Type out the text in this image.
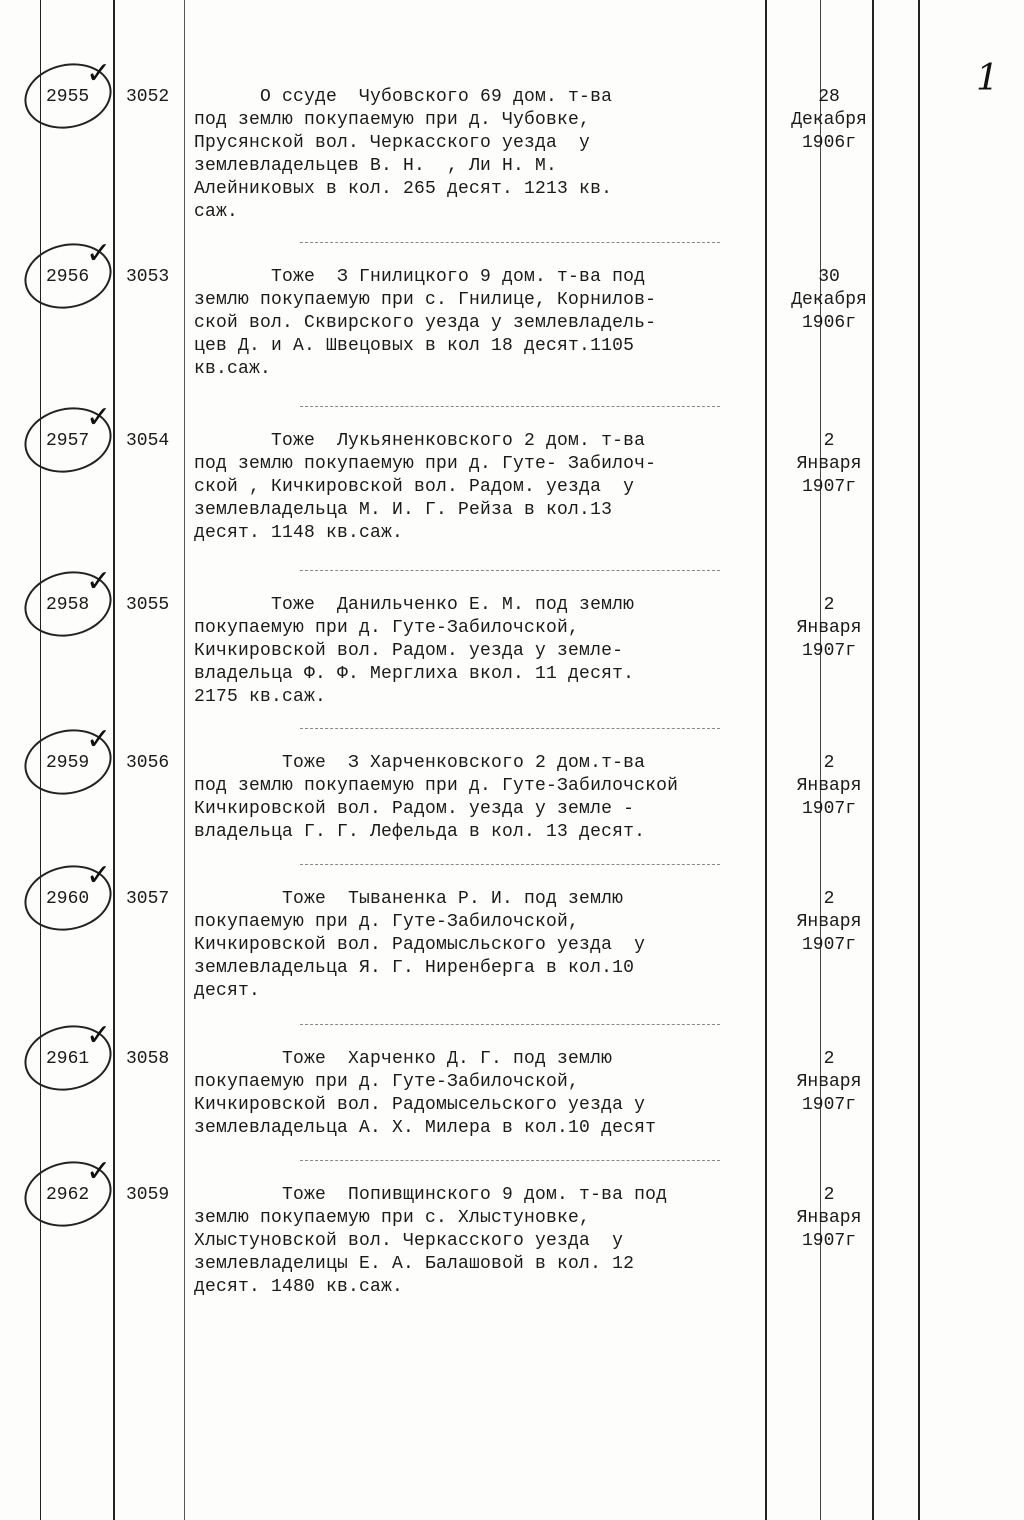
1
✓
2955 3052 О ссуде  Чубовского 69 дом. т-ва
под землю покупаемую при д. Чубовке,
Прусянской вол. Черкасского уезда  у
землевладельцев В. Н.  , Ли Н. М.
Алейниковых в кол. 265 десят. 1213 кв.
саж.
28
Декабря
1906г
✓
2956 3053 Тоже  З Гнилицкого 9 дом. т-ва под
землю покупаемую при с. Гнилице, Корнилов-
ской вол. Сквирского уезда у землевладель-
цев Д. и А. Швецовых в кол 18 десят.1105
кв.саж.
30
Декабря
1906г
✓
2957 3054 Тоже  Лукьяненковского 2 дом. т-ва
под землю покупаемую при д. Гуте- Забилоч-
ской , Кичкировской вол. Радом. уезда  у
землевладельца М. И. Г. Рейза в кол.13
десят. 1148 кв.саж.
2
Января
1907г
✓
2958 3055 Тоже  Данильченко Е. М. под землю
покупаемую при д. Гуте-Забилочской,
Кичкировской вол. Радом. уезда у земле-
владельца Ф. Ф. Мерглиха вкол. 11 десят.
2175 кв.саж.
2
Января
1907г
✓
2959 3056 Тоже  З Харченковского 2 дом.т-ва
под землю покупаемую при д. Гуте-Забилочской
Кичкировской вол. Радом. уезда у земле -
владельца Г. Г. Лефельда в кол. 13 десят.
2
Января
1907г
✓
2960 3057 Тоже  Тываненка Р. И. под землю
покупаемую при д. Гуте-Забилочской,
Кичкировской вол. Радомысльского уезда  у
землевладельца Я. Г. Ниренберга в кол.10
десят.
2
Января
1907г
✓
2961 3058 Тоже  Харченко Д. Г. под землю
покупаемую при д. Гуте-Забилочской,
Кичкировской вол. Радомысельского уезда у
землевладельца А. Х. Милера в кол.10 десят
2
Января
1907г
✓
2962 3059 Тоже  Попивщинского 9 дом. т-ва под
землю покупаемую при с. Хлыстуновке,
Хлыстуновской вол. Черкасского уезда  у
землевладелицы Е. А. Балашовой в кол. 12
десят. 1480 кв.саж.
2
Января
1907г
